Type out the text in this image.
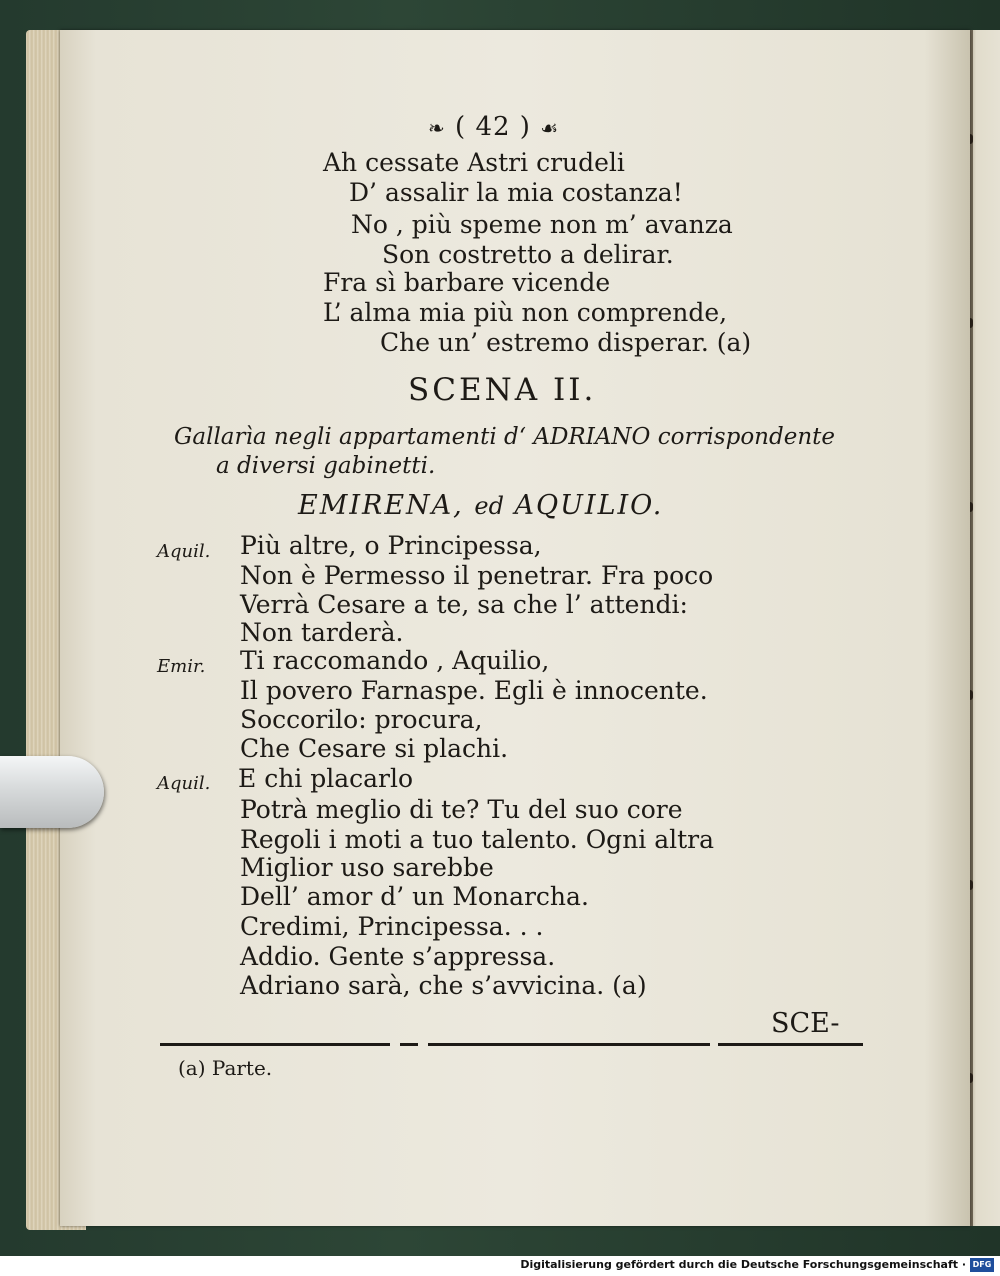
❧ ( 42 ) ☙
Ah cessate Astri crudeli
D’ assalir la mia costanza!
No , più speme non m’ avanza
Son costretto a delirar.
Fra sì barbare vicende
L’ alma mia più non comprende,
Che un’ estremo disperar. (a)
SCENA II.
Gallarìa negli appartamenti d‘ ADRIANO corrispondente
a diversi gabinetti.
EMIRENA, ed AQUILIO.
Aquil. Più altre, o Principessa,
Non è Permesso il penetrar. Fra poco
Verrà Cesare a te, sa che l’ attendi:
Non tarderà.
Emir. Ti raccomando , Aquilio,
Il povero Farnaspe. Egli è innocente.
Soccorilo: procura,
Che Cesare si plachi.
Aquil. E chi placarlo
Potrà meglio di te? Tu del suo core
Regoli i moti a tuo talento. Ogni altra
Miglior uso sarebbe
Dell’ amor d’ un Monarcha.
Credimi, Principessa. . .
Addio. Gente s’appressa.
Adriano sarà, che s’avvicina. (a)
SCE-
(a) Parte.
Digitalisierung gefördert durch die Deutsche Forschungsgemeinschaft · DFG
